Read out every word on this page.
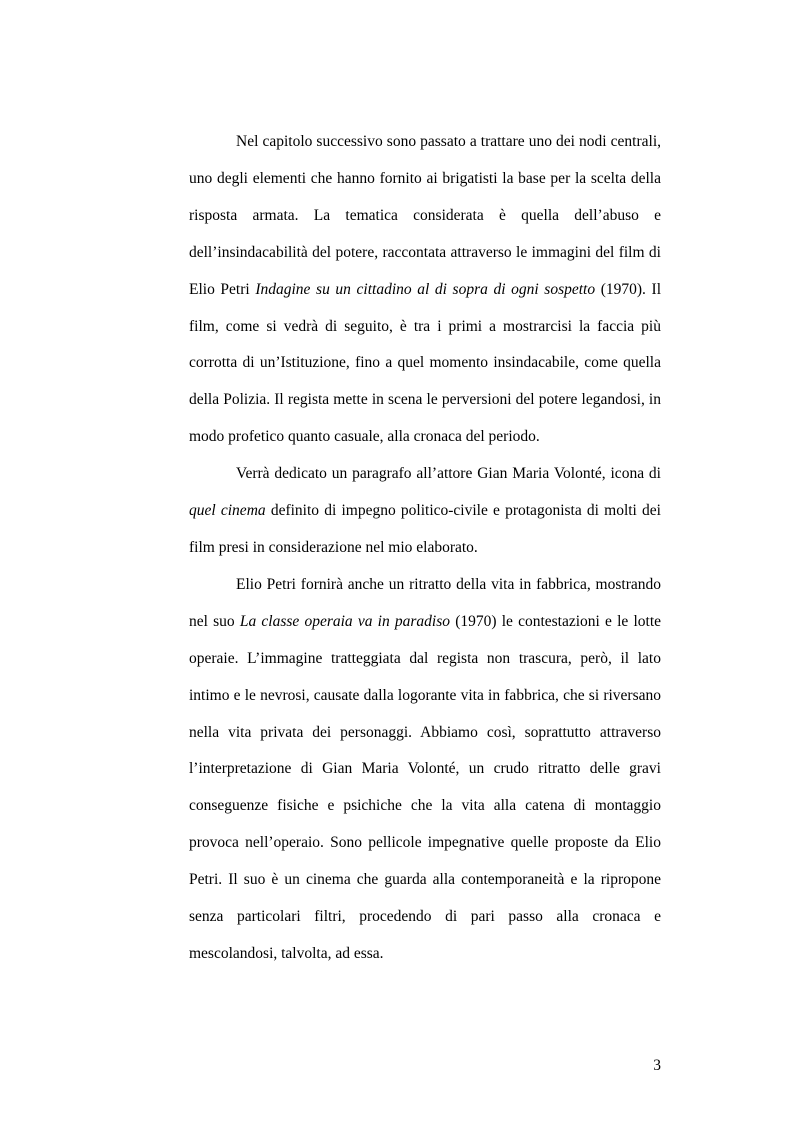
Nel capitolo successivo sono passato a trattare uno dei nodi centrali, uno degli elementi che hanno fornito ai brigatisti la base per la scelta della risposta armata. La tematica considerata è quella dell’abuso e dell’insindacabilità del potere, raccontata attraverso le immagini del film di Elio Petri Indagine su un cittadino al di sopra di ogni sospetto (1970). Il film, come si vedrà di seguito, è tra i primi a mostrarcisi la faccia più corrotta di un’Istituzione, fino a quel momento insindacabile, come quella della Polizia. Il regista mette in scena le perversioni del potere legandosi, in modo profetico quanto casuale, alla cronaca del periodo.

Verrà dedicato un paragrafo all’attore Gian Maria Volonté, icona di quel cinema definito di impegno politico-civile e protagonista di molti dei film presi in considerazione nel mio elaborato.

Elio Petri fornirà anche un ritratto della vita in fabbrica, mostrando nel suo La classe operaia va in paradiso (1970) le contestazioni e le lotte operaie. L’immagine tratteggiata dal regista non trascura, però, il lato intimo e le nevrosi, causate dalla logorante vita in fabbrica, che si riversano nella vita privata dei personaggi. Abbiamo così, soprattutto attraverso l’interpretazione di Gian Maria Volonté, un crudo ritratto delle gravi conseguenze fisiche e psichiche che la vita alla catena di montaggio provoca nell’operaio. Sono pellicole impegnative quelle proposte da Elio Petri. Il suo è un cinema che guarda alla contemporaneità e la ripropone senza particolari filtri, procedendo di pari passo alla cronaca e mescolandosi, talvolta, ad essa.

3
